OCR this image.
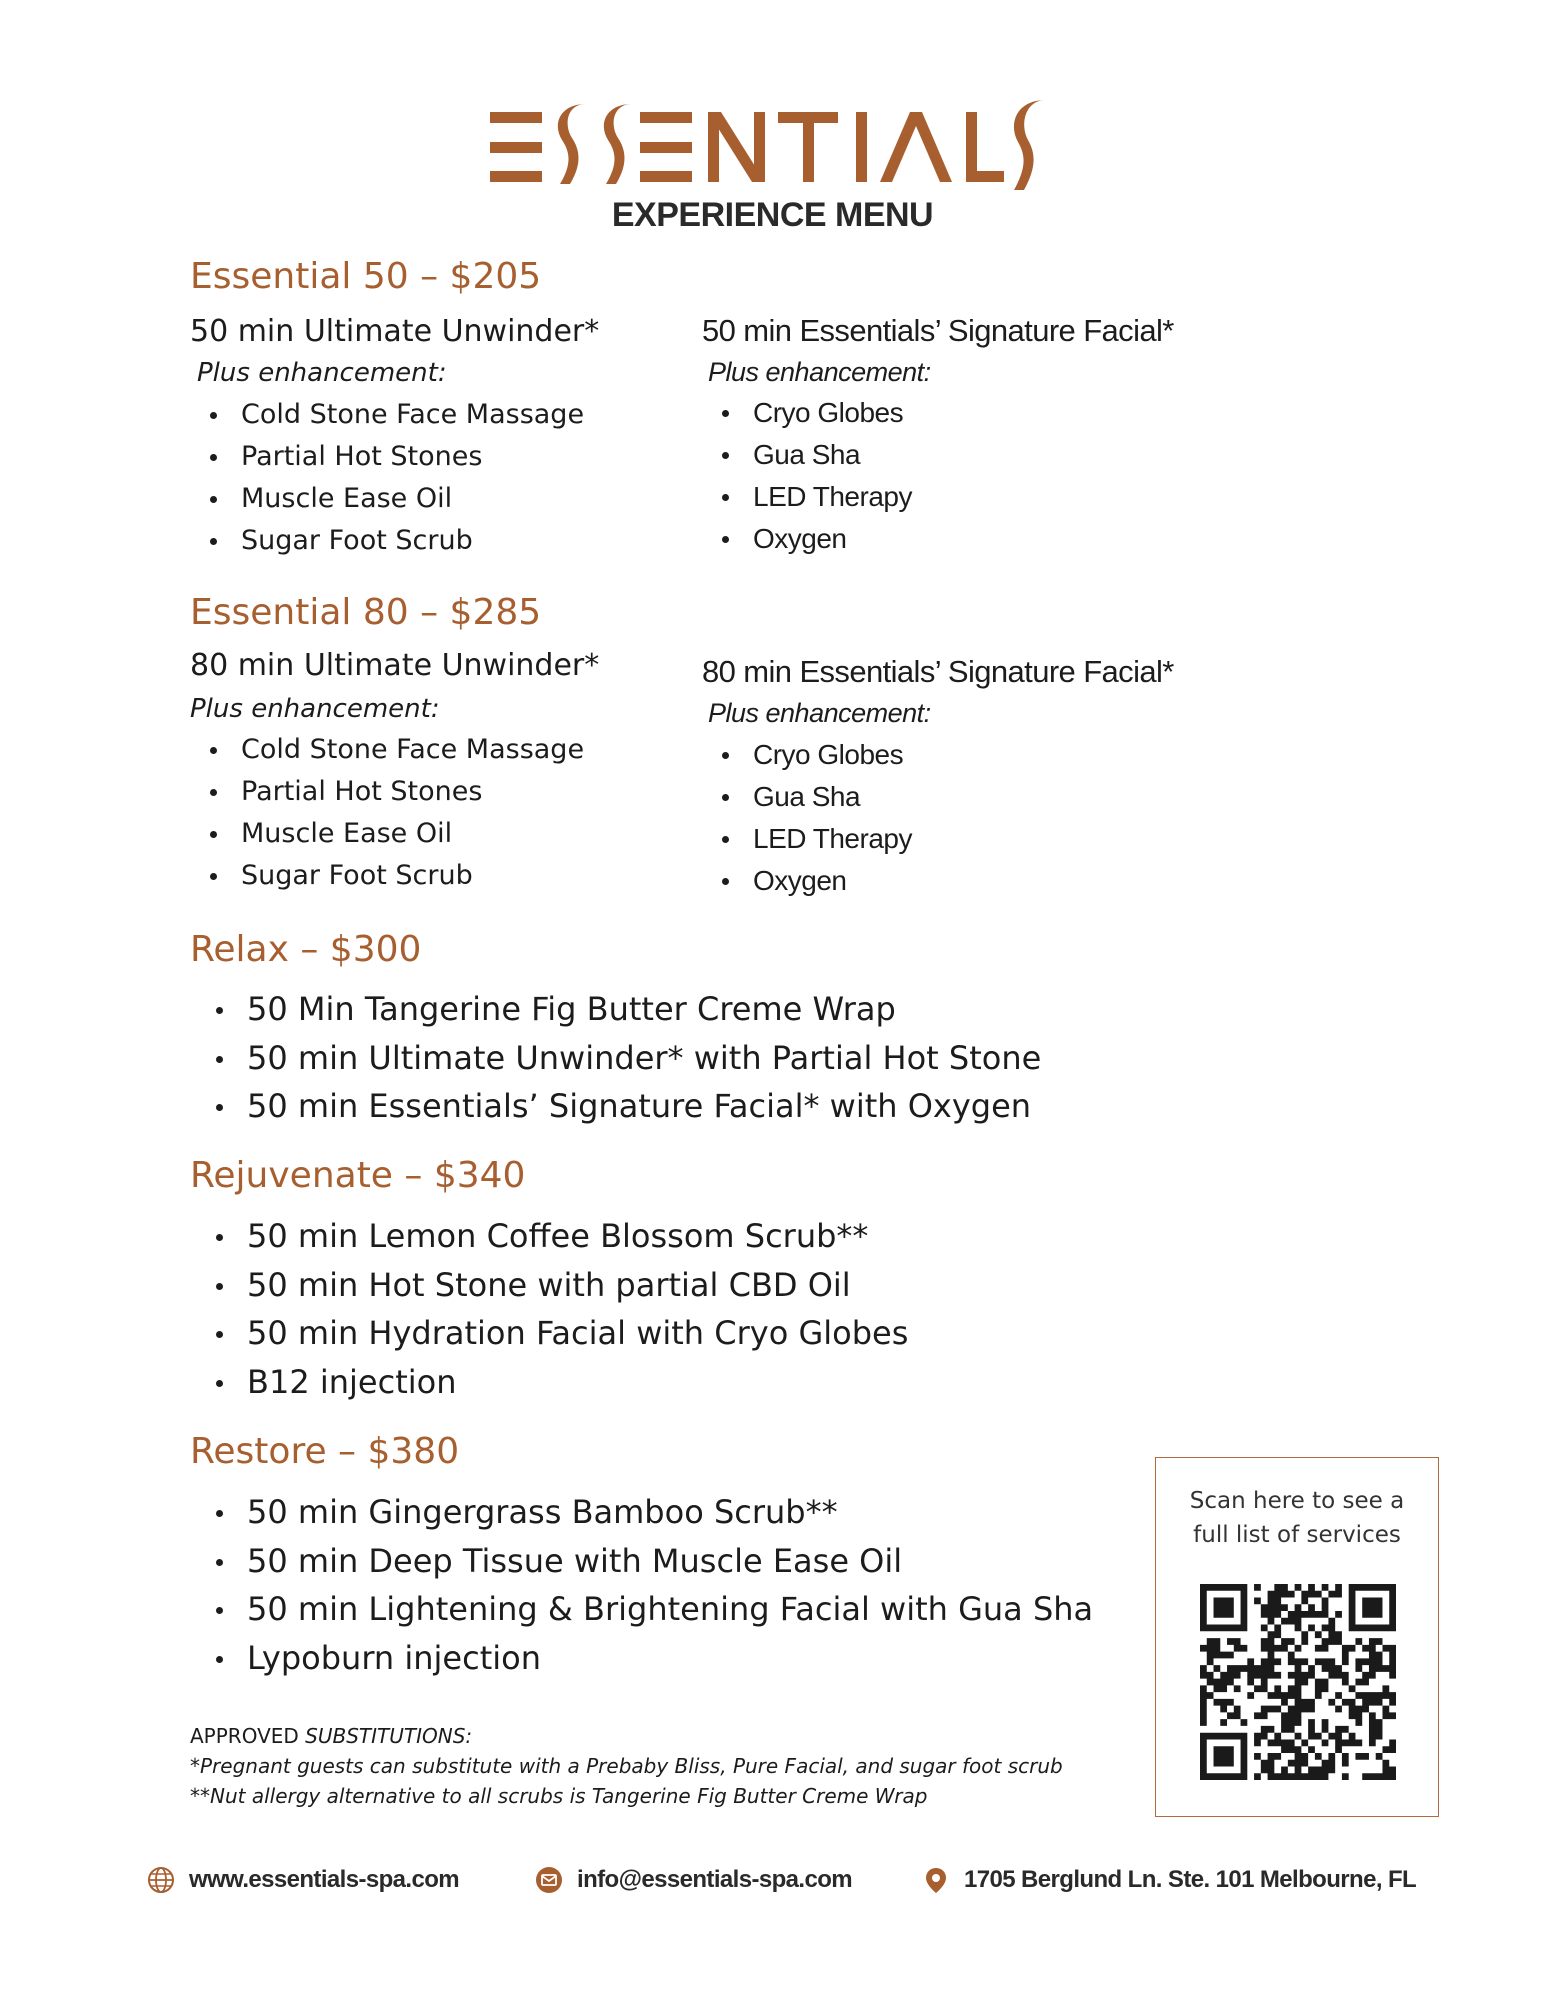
EXPERIENCE MENU
Essential 50 – $205
50 min Ultimate Unwinder*
Plus enhancement:
Cold Stone Face Massage
Partial Hot Stones
Muscle Ease Oil
Sugar Foot Scrub
50 min Essentials’ Signature Facial*
Plus enhancement:
Cryo Globes
Gua Sha
LED Therapy
Oxygen
Essential 80 – $285
80 min Ultimate Unwinder*
Plus enhancement:
Cold Stone Face Massage
Partial Hot Stones
Muscle Ease Oil
Sugar Foot Scrub
80 min Essentials’ Signature Facial*
Plus enhancement:
Cryo Globes
Gua Sha
LED Therapy
Oxygen
Relax – $300
50 Min Tangerine Fig Butter Creme Wrap
50 min Ultimate Unwinder* with Partial Hot Stone
50 min Essentials’ Signature Facial* with Oxygen
Rejuvenate – $340
50 min Lemon Coffee Blossom Scrub**
50 min Hot Stone with partial CBD Oil
50 min Hydration Facial with Cryo Globes
B12 injection
Restore – $380
50 min Gingergrass Bamboo Scrub**
50 min Deep Tissue with Muscle Ease Oil
50 min Lightening & Brightening Facial with Gua Sha
Lypoburn injection
APPROVED SUBSTITUTIONS:
*Pregnant guests can substitute with a Prebaby Bliss, Pure Facial, and sugar foot scrub
**Nut allergy alternative to all scrubs is Tangerine Fig Butter Creme Wrap
Scan here to see a
full list of services
www.essentials-spa.com	info@essentials-spa.com	1705 Berglund Ln. Ste. 101 Melbourne, FL
